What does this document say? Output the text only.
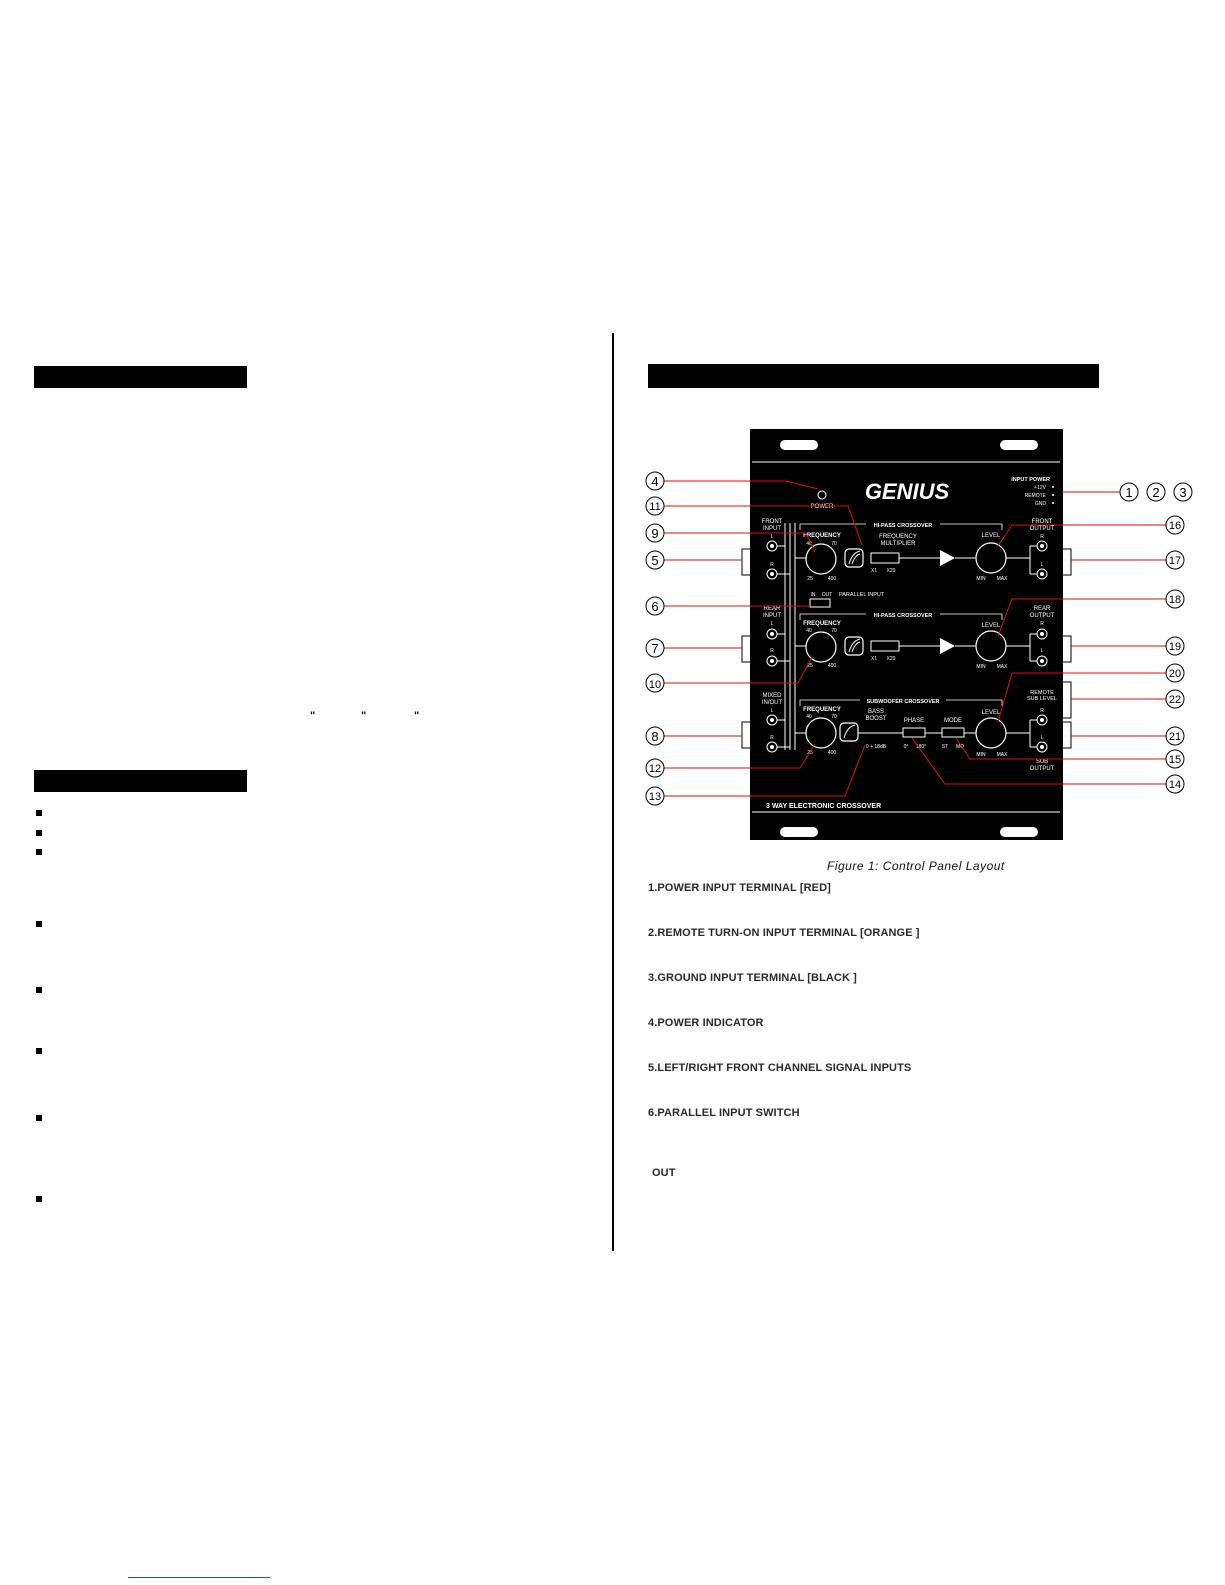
"	"	"
GENIUS
POWER
INPUT POWER
+12V
REMOTE
GND
HI-PASS CROSSOVER
FRONT
INPUT
FRONT
OUTPUT
L
R
R
L
FREQUENCY
40	70
25	400
FREQUENCY
MULTIPLIER
X1 X20
LEVEL
MIN MAX
IN OUT PARALLEL INPUT
HI-PASS CROSSOVER
REAR
INPUT
REAR
OUTPUT
L
R
R
L
FREQUENCY
40	70
25	400
X1 X20
LEVEL
MIN MAX
SUBWOOFER CROSSOVER
MIXED
IN/OUT
REMOTE
SUB LEVEL
SUB
OUTPUT
L
R
R
L
FREQUENCY
40	70
25	400
BASS
BOOST
0 + 18dB
PHASE
0° 180°
MODE
ST MO
LEVEL
MIN MAX
3 WAY ELECTRONIC CROSSOVER
1 2 3
4
5
6
7
8
9
10
11
12
13
14
15
16
17
18
19
20
21
22
Figure 1: Control Panel Layout
1.POWER INPUT TERMINAL [RED]
2.REMOTE TURN-ON INPUT TERMINAL [ORANGE ]
3.GROUND INPUT TERMINAL [BLACK ]
4.POWER INDICATOR
5.LEFT/RIGHT FRONT CHANNEL SIGNAL INPUTS
6.PARALLEL INPUT SWITCH
OUT
